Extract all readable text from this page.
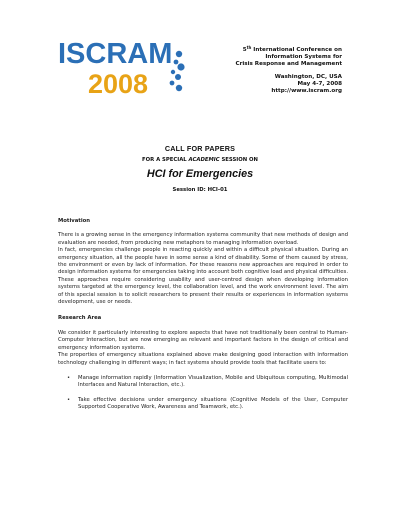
ISCRAM
2008
5th International Conference on
Information Systems for
Crisis Response and Management
Washington, DC, USA
May 4-7, 2008
http://www.iscram.org
CALL FOR PAPERS
FOR A SPECIAL ACADEMIC SESSION ON
HCI for Emergencies
Session ID: HCI-01
Motivation

There is a growing sense in the emergency information systems community that new methods of design and evaluation are needed, from producing new metaphors to managing information overload.

In fact, emergencies challenge people in reacting quickly and within a difficult physical situation. During an emergency situation, all the people have in some sense a kind of disability. Some of them caused by stress, the environment or even by lack of information. For these reasons new approaches are required in order to design information systems for emergencies taking into account both cognitive load and physical difficulties. These approaches require considering usability and user-centred design when developing information systems targeted at the emergency level, the collaboration level, and the work environment level. The aim of this special session is to solicit researchers to present their results or experiences in information systems development, use or needs.

Research Area

We consider it particularly interesting to explore aspects that have not traditionally been central to Human-Computer Interaction, but are now emerging as relevant and important factors in the design of critical and emergency information systems.

The properties of emergency situations explained above make designing good interaction with information technology challenging in different ways; in fact systems should provide tools that facilitate users to:

• Manage information rapidly (Information Visualization, Mobile and Ubiquitous computing, Multimodal Interfaces and Natural Interaction, etc.).
• Take effective decisions under emergency situations (Cognitive Models of the User, Computer Supported Cooperative Work, Awareness and Teamwork, etc.).
